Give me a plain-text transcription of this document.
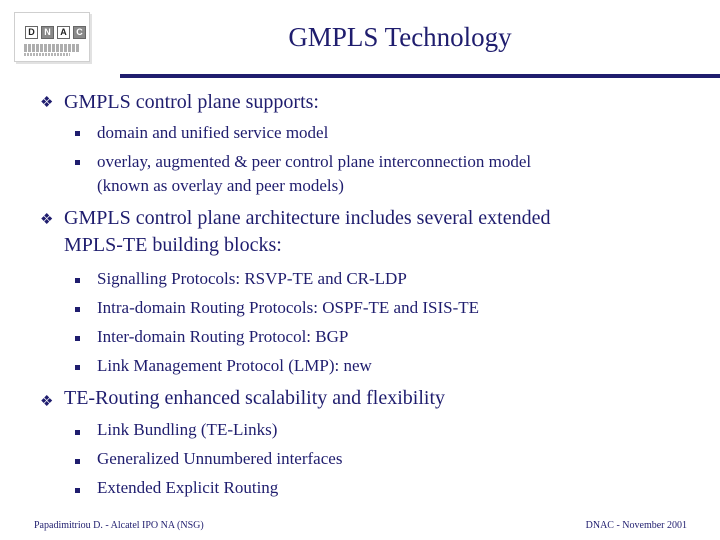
D	N	A	C	GMPLS Technology
❖ GMPLS control plane supports:
domain and unified service model
overlay, augmented & peer control plane interconnection model
(known as overlay and peer models)
❖ GMPLS control plane architecture includes several extended
MPLS-TE building blocks:
Signalling Protocols: RSVP-TE and CR-LDP
Intra-domain Routing Protocols: OSPF-TE and ISIS-TE
Inter-domain Routing Protocol: BGP
Link Management Protocol (LMP): new
❖ TE-Routing enhanced scalability and flexibility
Link Bundling (TE-Links)
Generalized Unnumbered interfaces
Extended Explicit Routing
Papadimitriou D. - Alcatel IPO NA (NSG)	DNAC - November 2001
